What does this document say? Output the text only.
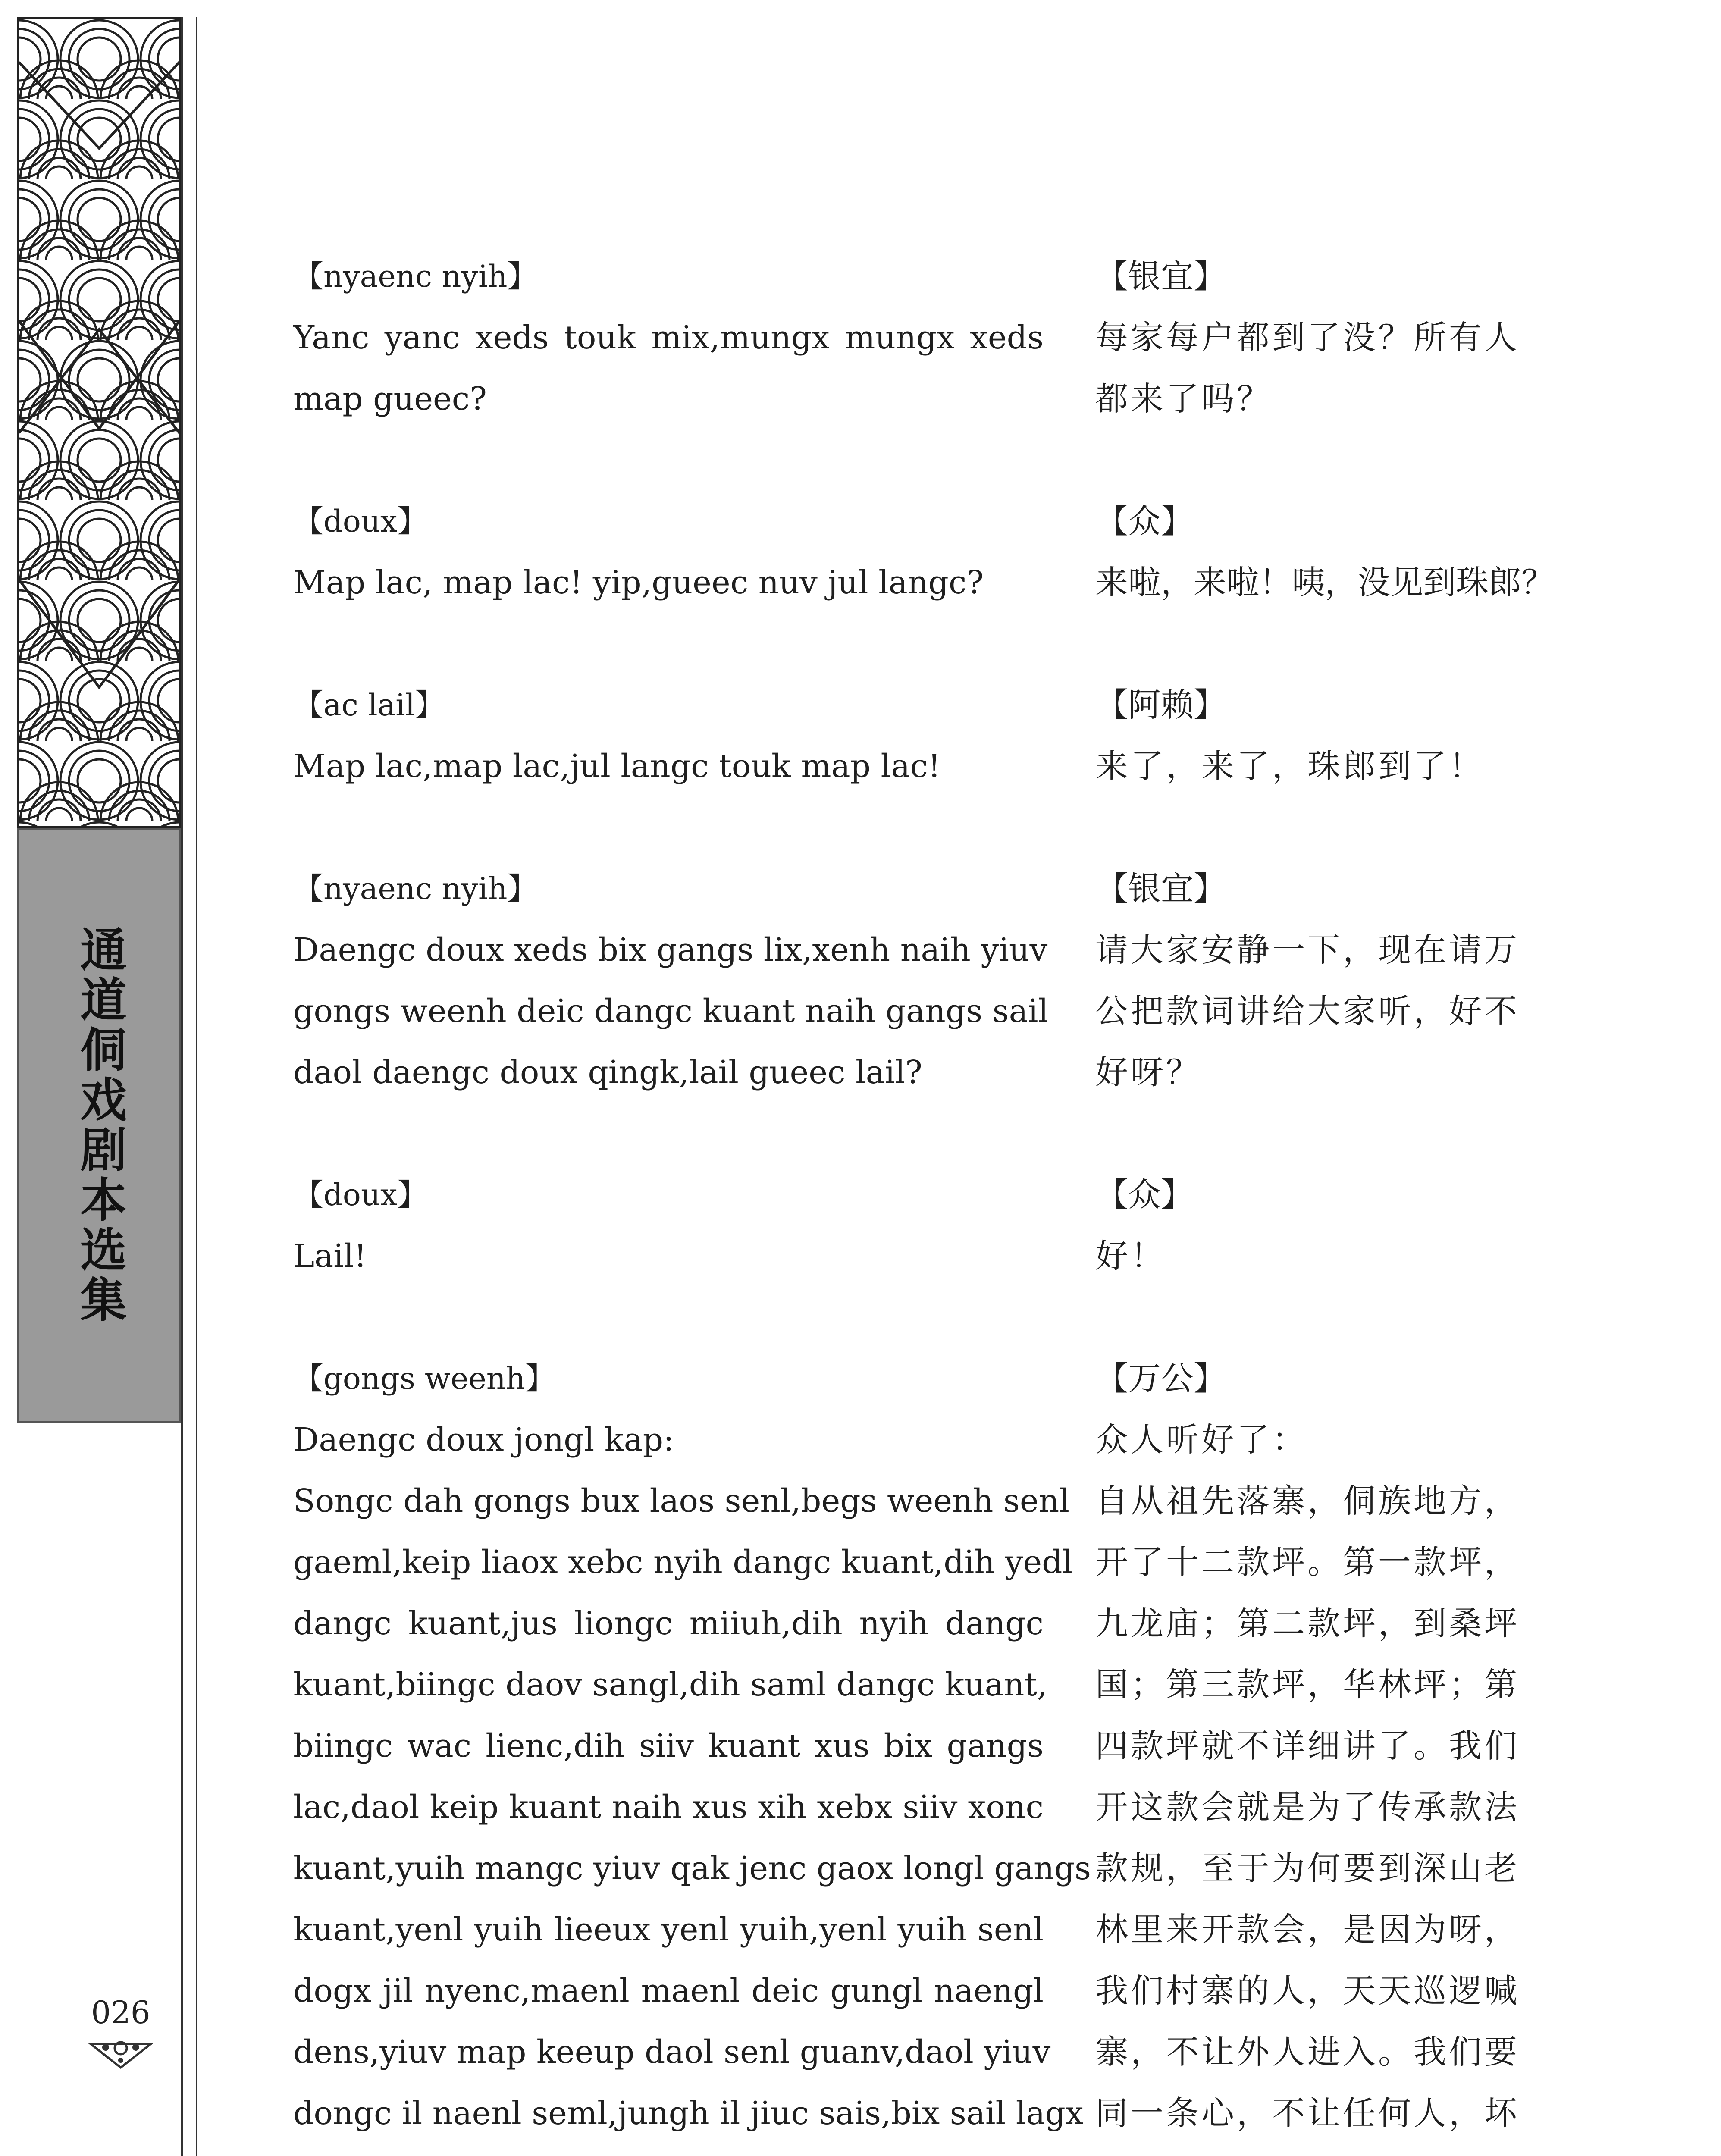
通道侗戏剧本选集
026

【nyaenc nyih】

Yanc yanc xeds touk mix,mungx mungx xeds

map gueec?

【doux】

Map lac, map lac! yip,gueec nuv jul langc?

【ac lail】

Map lac,map lac,jul langc touk map lac!

【nyaenc nyih】

Daengc doux xeds bix gangs lix,xenh naih yiuv

gongs weenh deic dangc kuant naih gangs sail

daol daengc doux qingk,lail gueec lail?

【doux】

Lail!

【gongs weenh】

Daengc doux jongl kap:

Songc dah gongs bux laos senl,begs weenh senl

gaeml,keip liaox xebc nyih dangc kuant,dih yedl

dangc kuant,jus liongc miiuh,dih nyih dangc

kuant,biingc daov sangl,dih saml dangc kuant,

biingc wac lienc,dih siiv kuant xus bix gangs

lac,daol keip kuant naih xus xih xebx siiv xonc

kuant,yuih mangc yiuv qak jenc gaox longl gangs

kuant,yenl yuih lieeux yenl yuih,yenl yuih senl

dogx jil nyenc,maenl maenl deic gungl naengl

dens,yiuv map keeup daol senl guanv,daol yiuv

dongc il naenl seml,jungh il jiuc sais,bix sail lagx

【银宜】

每家每户都到了没？所有人

都来了吗？

【众】

来啦，来啦！咦，没见到珠郎？

【阿赖】

来了，来了，珠郎到了！

【银宜】

请大家安静一下，现在请万

公把款词讲给大家听，好不

好呀？

【众】

好！

【万公】

众人听好了：

自从祖先落寨，侗族地方，

开了十二款坪。第一款坪，

九龙庙；第二款坪，到桑坪

国；第三款坪，华林坪；第

四款坪就不详细讲了。我们

开这款会就是为了传承款法

款规，至于为何要到深山老

林里来开款会，是因为呀，

我们村寨的人，天天巡逻喊

寨，不让外人进入。我们要

同一条心，不让任何人，坏
